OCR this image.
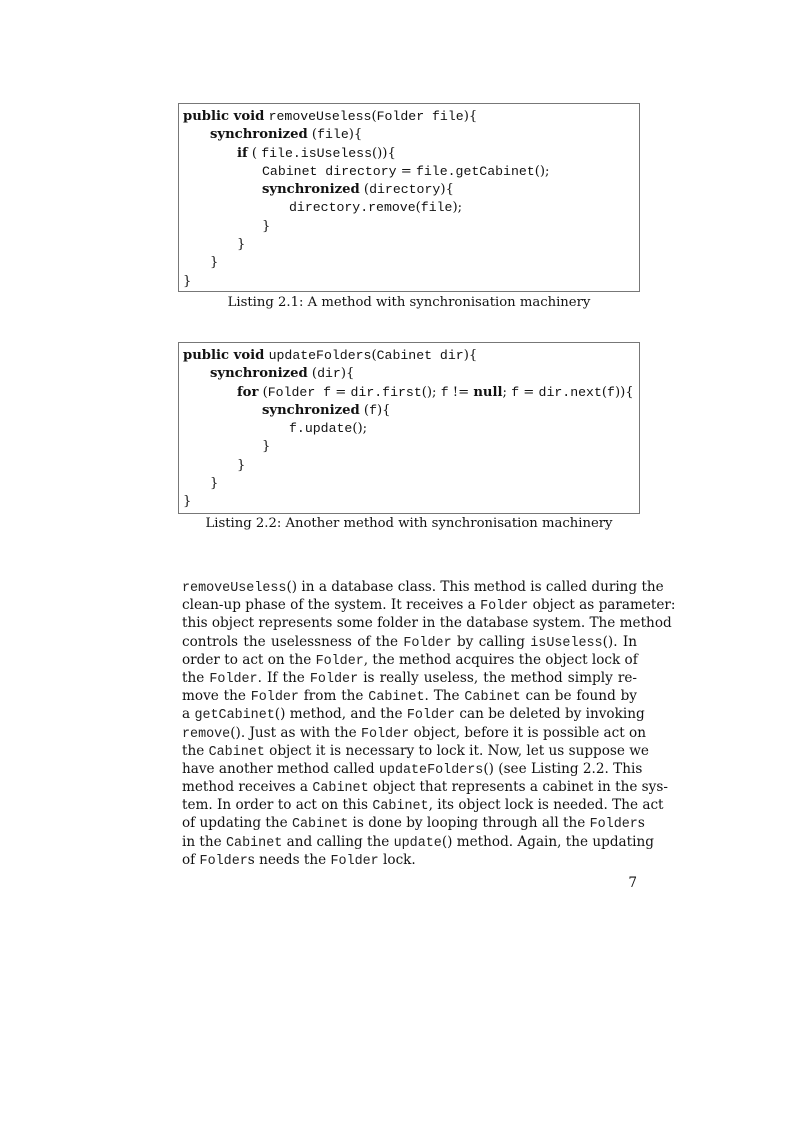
public void removeUseless(Folder file){
synchronized (file){
if ( file.isUseless()){
Cabinet directory = file.getCabinet();
synchronized (directory){
directory.remove(file);
}
}
}
}
Listing 2.1: A method with synchronisation machinery
public void updateFolders(Cabinet dir){
synchronized (dir){
for (Folder f = dir.first(); f != null; f = dir.next(f)){
synchronized (f){
f.update();
}
}
}
}
Listing 2.2: Another method with synchronisation machinery
removeUseless() in a database class. This method is called during the
clean-up phase of the system. It receives a Folder object as parameter:
this object represents some folder in the database system. The method
controls the uselessness of the Folder by calling isUseless(). In
order to act on the Folder, the method acquires the object lock of
the Folder. If the Folder is really useless, the method simply re-
move the Folder from the Cabinet. The Cabinet can be found by
a getCabinet() method, and the Folder can be deleted by invoking
remove(). Just as with the Folder object, before it is possible act on
the Cabinet object it is necessary to lock it. Now, let us suppose we
have another method called updateFolders() (see Listing 2.2. This
method receives a Cabinet object that represents a cabinet in the sys-
tem. In order to act on this Cabinet, its object lock is needed. The act
of updating the Cabinet is done by looping through all the Folders
in the Cabinet and calling the update() method. Again, the updating
of Folders needs the Folder lock.
7
